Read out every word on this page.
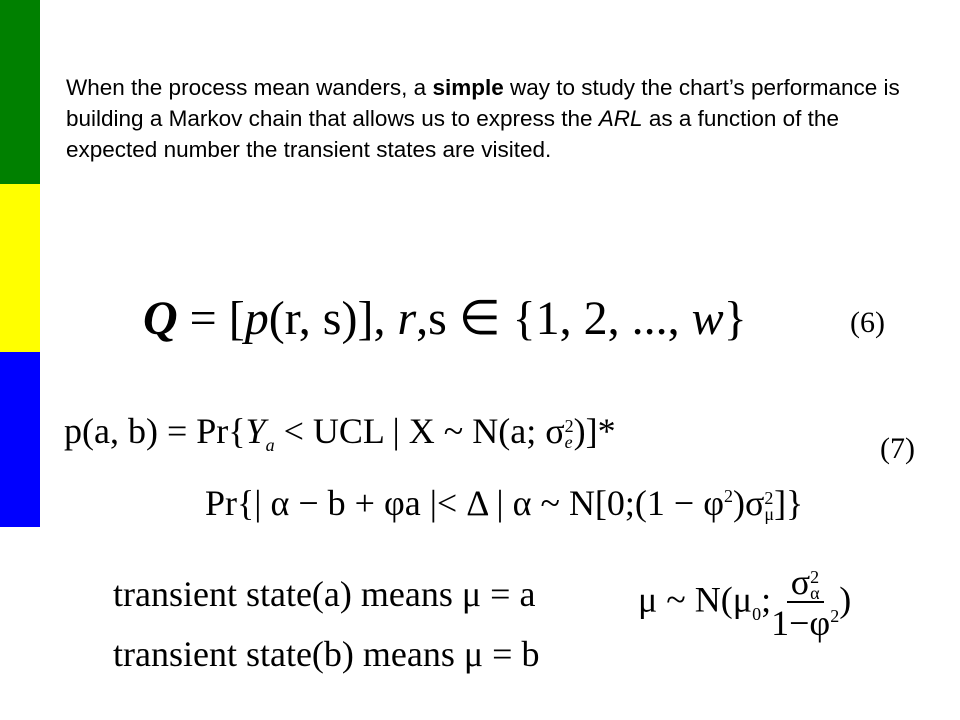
When the process mean wanders, a simple way to study the chart’s performance is building a Markov chain that allows us to express the ARL as a function of the expected number the transient states are visited.

Q = [p(r, s)], r,s ∈ {1, 2, ..., w}	(6)
p(a, $b) = Pr\{Y_a$ < UCL | X ~ N(a; σ 2
e )]*	(7)
Pr{| α − b + φa |< Δ | α ~ N[0;(1 − $\varphi^2)\sigma$ 2
μ ]}
transient state(a) means μ = a
transient state(b) means μ = b
μ ~ $N(\mu_0$; σ 2
α
$1-\varphi^2$ )
